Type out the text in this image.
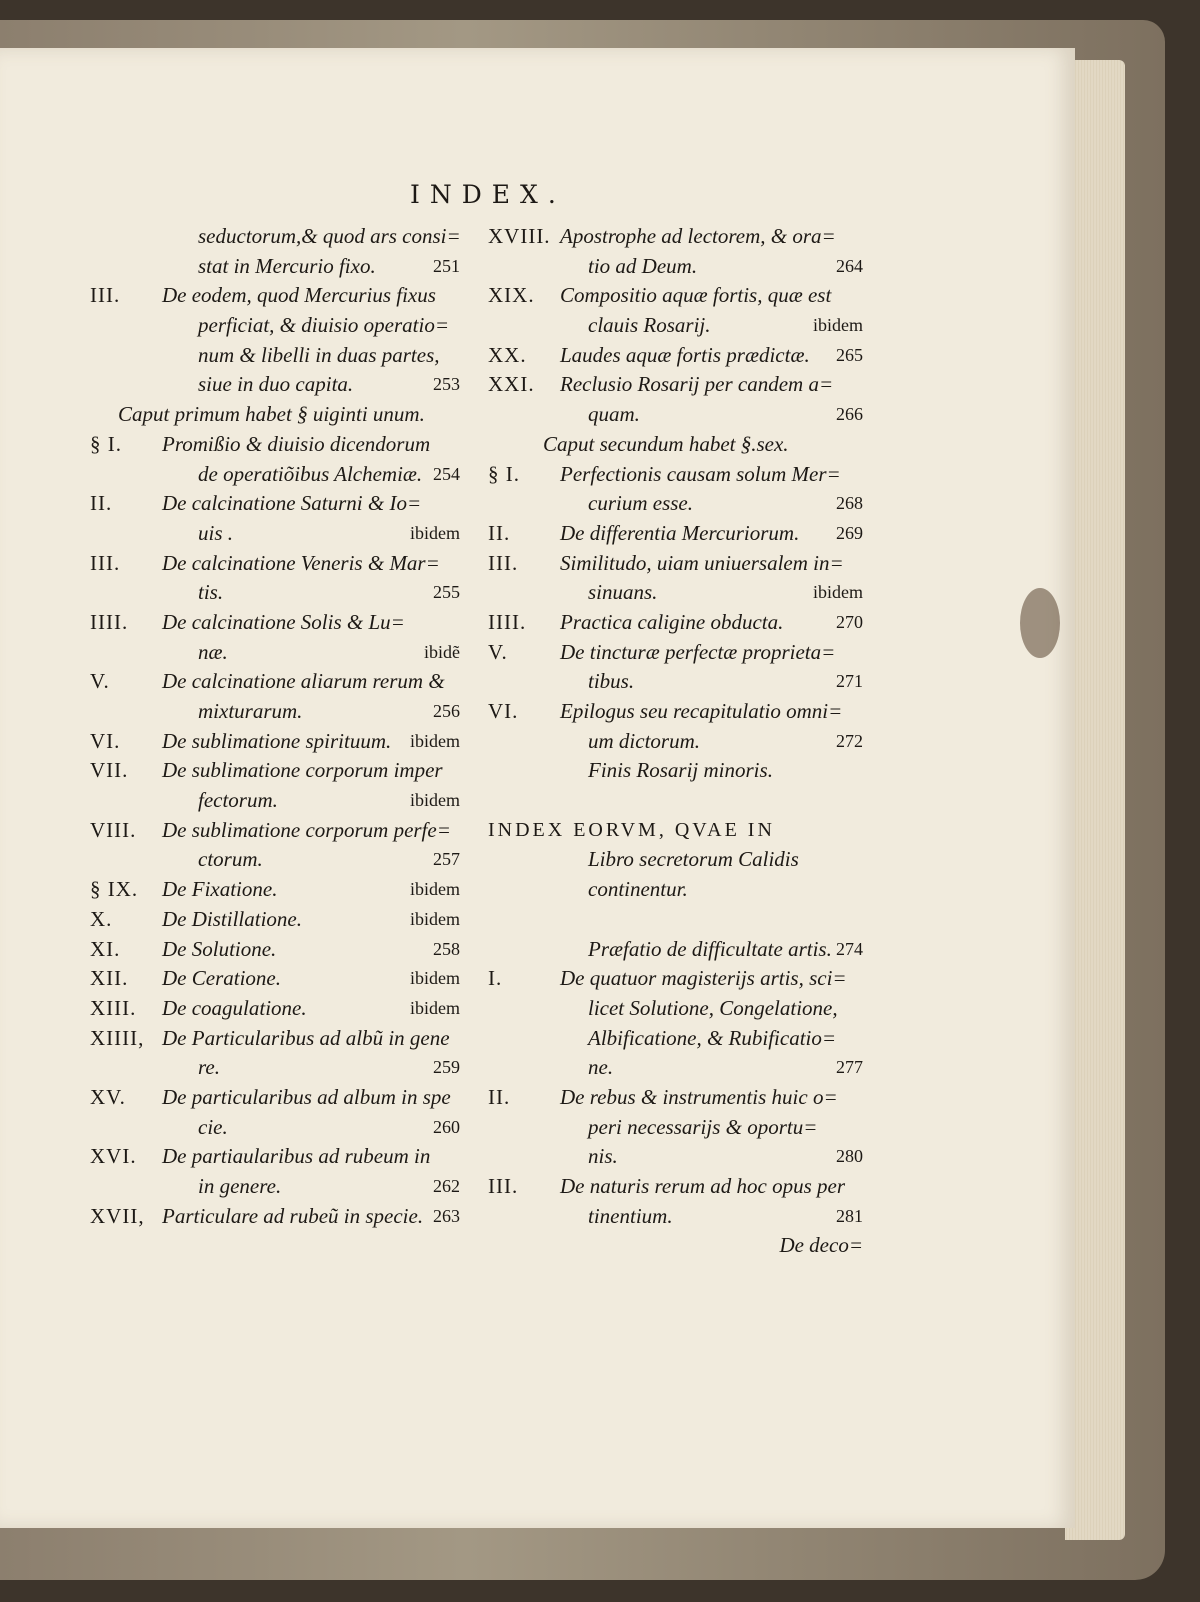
INDEX.
seductorum,& quod ars consi=
stat in Mercurio fixo.	251
III. De eodem, quod Mercurius fixus
perficiat, & diuisio operatio=
num & libelli in duas partes,
siue in duo capita.	253
Caput primum habet § uiginti unum.
§ I. Promißio & diuisio dicendorum
de operatiõibus Alchemiæ. 254
II. De calcinatione Saturni & Io=
uis .	ibidem
III. De calcinatione Veneris & Mar=
tis.	255
IIII. De calcinatione Solis & Lu=
næ.	ibidẽ
V. De calcinatione aliarum rerum &
mixturarum.	256
VI. De sublimatione spirituum. ibidem
VII. De sublimatione corporum imper
fectorum.	ibidem
VIII. De sublimatione corporum perfe=
ctorum.	257
§ IX. De Fixatione.	ibidem
X. De Distillatione.	ibidem
XI. De Solutione.	258
XII. De Ceratione.	ibidem
XIII. De coagulatione.	ibidem
XIIII, De Particularibus ad albũ in gene
re.	259
XV. De particularibus ad album in spe
cie.	260
XVI. De partiaularibus ad rubeum in
in genere.	262
XVII, Particulare ad rubeũ in specie. 263
XVIII. Apostrophe ad lectorem, & ora=
tio ad Deum.	264
XIX. Compositio aquæ fortis, quæ est
clauis Rosarij.	ibidem
XX. Laudes aquæ fortis prædictæ. 265
XXI. Reclusio Rosarij per candem a=
quam.	266
Caput secundum habet §.sex.
§ I. Perfectionis causam solum Mer=
curium esse.	268
II. De differentia Mercuriorum. 269
III. Similitudo, uiam uniuersalem in=
sinuans.	ibidem
IIII. Practica caligine obducta.	270
V. De tincturæ perfectæ proprieta=
tibus.	271
VI. Epilogus seu recapitulatio omni=
um dictorum.	272
Finis Rosarij minoris.
INDEX EORVM, QVAE IN
Libro secretorum Calidis
continentur.
Præfatio de difficultate artis. 274
I.	De quatuor magisterijs artis, sci=
licet Solutione, Congelatione,
Albificatione, & Rubificatio=
ne.	277
II. De rebus & instrumentis huic o=
peri necessarijs & oportu=
nis.	280
III. De naturis rerum ad hoc opus per
tinentium.	281
De deco=
